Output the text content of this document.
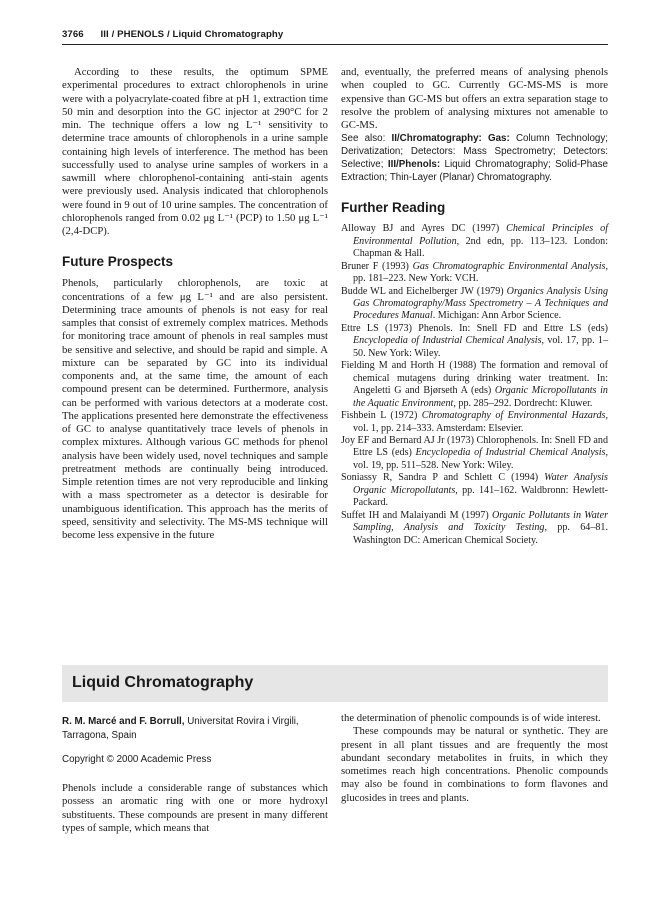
3766 III / PHENOLS / Liquid Chromatography

According to these results, the optimum SPME experimental procedures to extract chlorophenols in urine were with a polyacrylate-coated fibre at pH 1, extraction time 50 min and desorption into the GC injector at 290°C for 2 min. The technique offers a low ng L⁻¹ sensitivity to determine trace amounts of chlorophenols in a urine sample containing high levels of interference. The method has been successfully used to analyse urine samples of workers in a sawmill where chlorophenol-containing anti-stain agents were previously used. Analysis indicated that chlorophenols were found in 9 out of 10 urine samples. The concentration of chlorophenols ranged from 0.02 μg L⁻¹ (PCP) to 1.50 μg L⁻¹ (2,4-DCP).

Future Prospects

Phenols, particularly chlorophenols, are toxic at concentrations of a few μg L⁻¹ and are also persistent. Determining trace amounts of phenols is not easy for real samples that consist of extremely complex matrices. Methods for monitoring trace amount of phenols in real samples must be sensitive and selective, and should be rapid and simple. A mixture can be separated by GC into its individual components and, at the same time, the amount of each compound present can be determined. Furthermore, analysis can be performed with various detectors at a moderate cost. The applications presented here demonstrate the effectiveness of GC to analyse quantitatively trace levels of phenols in complex mixtures. Although various GC methods for phenol analysis have been widely used, novel techniques and sample pretreatment methods are continually being introduced. Simple retention times are not very reproducible and linking with a mass spectrometer as a detector is desirable for unambiguous identification. This approach has the merits of speed, sensitivity and selectivity. The MS-MS technique will become less expensive in the future

and, eventually, the preferred means of analysing phenols when coupled to GC. Currently GC-MS-MS is more expensive than GC-MS but offers an extra separation stage to resolve the problem of analysing mixtures not amenable to GC-MS.

See also: II/Chromatography: Gas: Column Technology; Derivatization; Detectors: Mass Spectrometry; Detectors: Selective; III/Phenols: Liquid Chromatography; Solid-Phase Extraction; Thin-Layer (Planar) Chromatography.

Further Reading

Alloway BJ and Ayres DC (1997) Chemical Principles of Environmental Pollution, 2nd edn, pp. 113–123. London: Chapman & Hall.

Bruner F (1993) Gas Chromatographic Environmental Analysis, pp. 181–223. New York: VCH.

Budde WL and Eichelberger JW (1979) Organics Analysis Using Gas Chromatography/Mass Spectrometry – A Techniques and Procedures Manual. Michigan: Ann Arbor Science.

Ettre LS (1973) Phenols. In: Snell FD and Ettre LS (eds) Encyclopedia of Industrial Chemical Analysis, vol. 17, pp. 1–50. New York: Wiley.

Fielding M and Horth H (1988) The formation and removal of chemical mutagens during drinking water treatment. In: Angeletti G and Bjørseth A (eds) Organic Micropollutants in the Aquatic Environment, pp. 285–292. Dordrecht: Kluwer.

Fishbein L (1972) Chromatography of Environmental Hazards, vol. 1, pp. 214–333. Amsterdam: Elsevier.

Joy EF and Bernard AJ Jr (1973) Chlorophenols. In: Snell FD and Ettre LS (eds) Encyclopedia of Industrial Chemical Analysis, vol. 19, pp. 511–528. New York: Wiley.

Soniassy R, Sandra P and Schlett C (1994) Water Analysis Organic Micropollutants, pp. 141–162. Waldbronn: Hewlett-Packard.

Suffet IH and Malaiyandi M (1997) Organic Pollutants in Water Sampling, Analysis and Toxicity Testing, pp. 64–81. Washington DC: American Chemical Society.

Liquid Chromatography
R. M. Marcé and F. Borrull, Universitat Rovira i Virgili, Tarragona, Spain
Copyright © 2000 Academic Press

Phenols include a considerable range of substances which possess an aromatic ring with one or more hydroxyl substituents. These compounds are present in many different types of sample, which means that

the determination of phenolic compounds is of wide interest.

These compounds may be natural or synthetic. They are present in all plant tissues and are frequently the most abundant secondary metabolites in fruits, in which they sometimes reach high concentrations. Phenolic compounds may also be found in combinations to form flavones and glucosides in trees and plants.
